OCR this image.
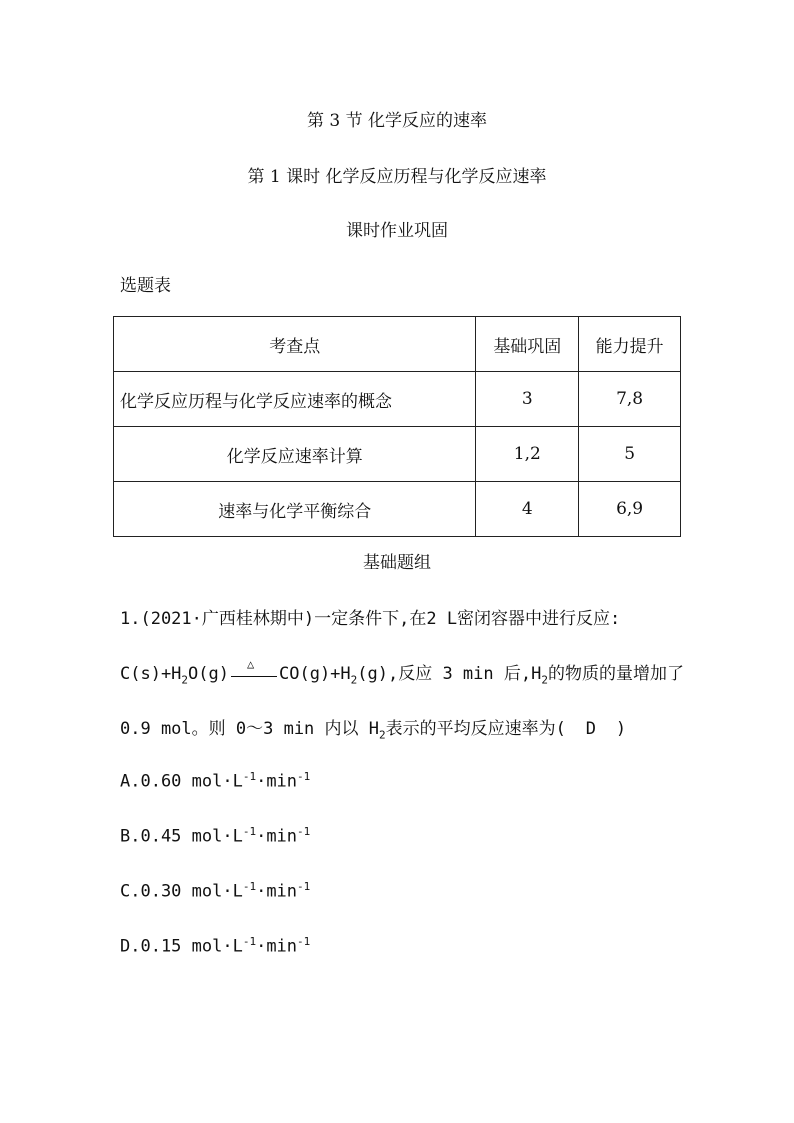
第 3 节 化学反应的速率
第 1 课时 化学反应历程与化学反应速率
课时作业巩固
选题表
考查点	基础巩固	能力提升
化学反应历程与化学反应速率的概念	3	7,8
化学反应速率计算	1,2	5
速率与化学平衡综合	4	6,9
基础题组
1.(2021·广西桂林期中)一定条件下,在2 L密闭容器中进行反应:
$C(s)+H_2O(g)$ △ $CO(g)+H_2(g)$,反应 3 min 后$,H_2$的物质的量增加了
0.9 mol。则 0～3 min 内以 $H_2$表示的平均反应速率为( D )
A.0.60 $mol\cdot L^{-1}\cdot\min^{-1}$
B.0.45 $mol\cdot L^{-1}\cdot\min^{-1}$
C.0.30 $mol\cdot L^{-1}\cdot\min^{-1}$
D.0.15 $mol\cdot L^{-1}\cdot\min^{-1}$
